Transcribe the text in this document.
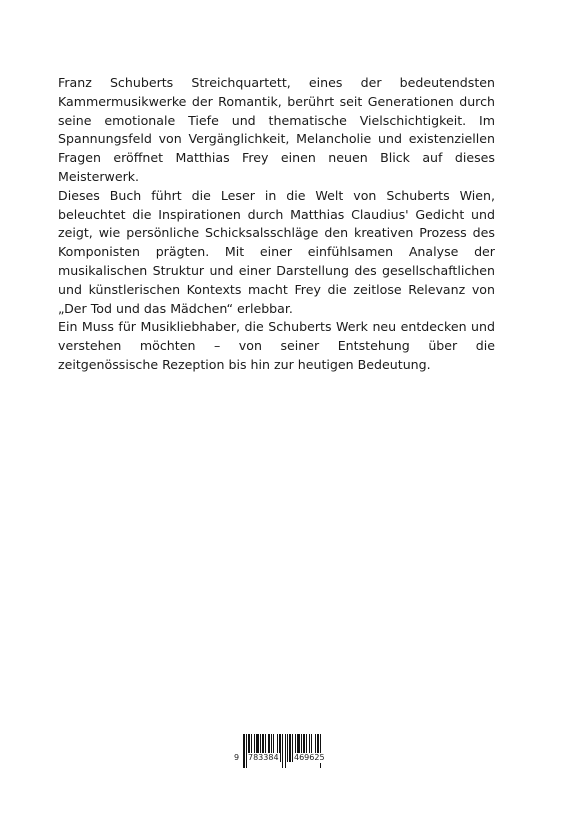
Franz Schuberts Streichquartett, eines der bedeutendsten Kammermusikwerke der Romantik, berührt seit Generationen durch seine emotionale Tiefe und thematische Vielschichtigkeit. Im Spannungsfeld von Vergänglichkeit, Melancholie und existenziellen Fragen eröffnet Matthias Frey einen neuen Blick auf dieses Meisterwerk.

Dieses Buch führt die Leser in die Welt von Schuberts Wien, beleuchtet die Inspirationen durch Matthias Claudius' Gedicht und zeigt, wie persönliche Schicksalsschläge den kreativen Prozess des Komponisten prägten. Mit einer einfühlsamen Analyse der musikalischen Struktur und einer Darstellung des gesellschaftlichen und künstlerischen Kontexts macht Frey die zeitlose Relevanz von „Der Tod und das Mädchen“ erlebbar.

Ein Muss für Musikliebhaber, die Schuberts Werk neu entdecken und verstehen möchten – von seiner Entstehung über die zeitgenössische Rezeption bis hin zur heutigen Bedeutung.

9 783384 469625
